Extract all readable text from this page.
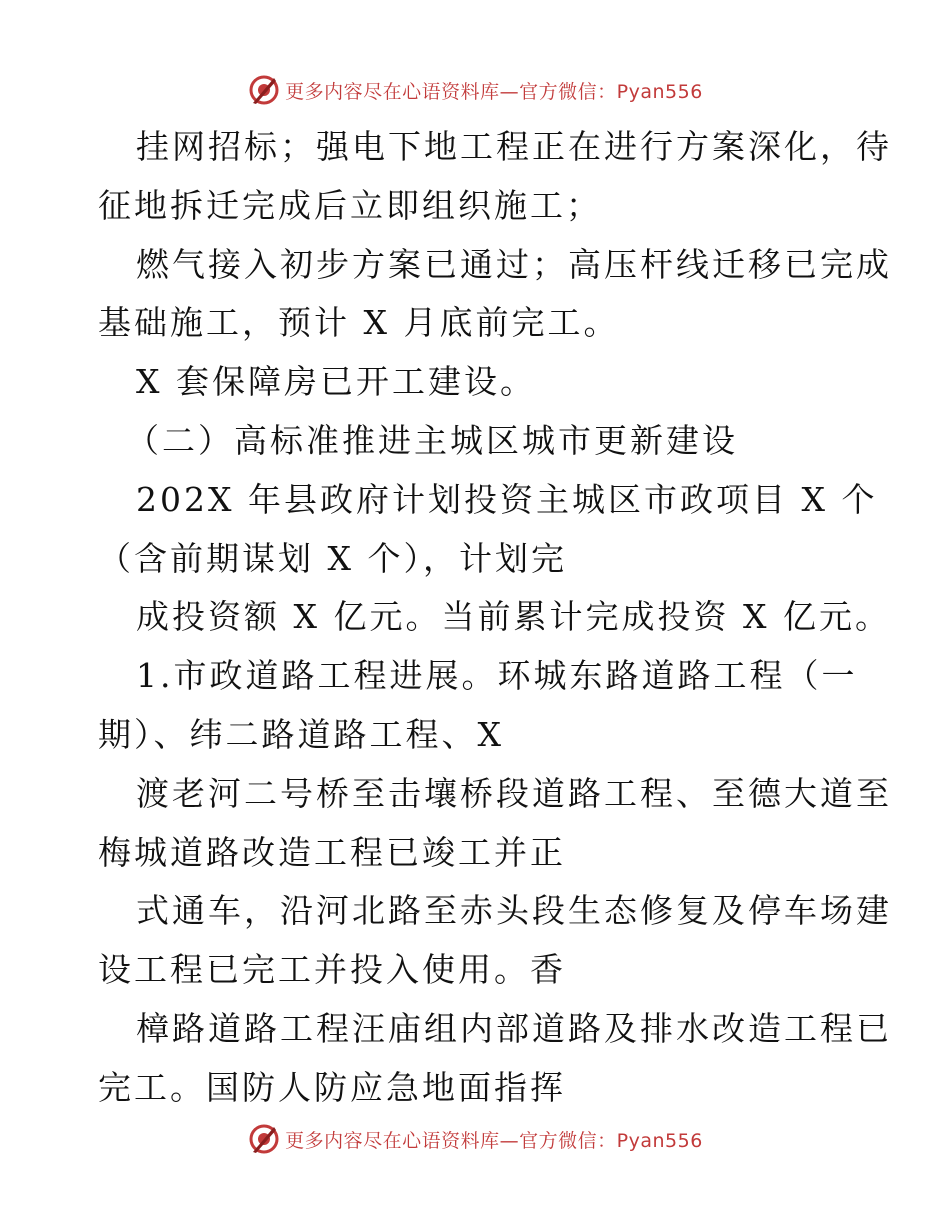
更多内容尽在心语资料库—官方微信：Pyan556
挂网招标；强电下地工程正在进行方案深化，待
征地拆迁完成后立即组织施工；
燃气接入初步方案已通过；高压杆线迁移已完成
基础施工，预计 X 月底前完工。
X 套保障房已开工建设。
（二）高标准推进主城区城市更新建设
202X 年县政府计划投资主城区市政项目 X 个
（含前期谋划 X 个），计划完
成投资额 X 亿元。当前累计完成投资 X 亿元。
1.市政道路工程进展。环城东路道路工程（一
期）、纬二路道路工程、X
渡老河二号桥至击壤桥段道路工程、至德大道至
梅城道路改造工程已竣工并正
式通车，沿河北路至赤头段生态修复及停车场建
设工程已完工并投入使用。香
樟路道路工程汪庙组内部道路及排水改造工程已
完工。国防人防应急地面指挥
更多内容尽在心语资料库—官方微信：Pyan556
